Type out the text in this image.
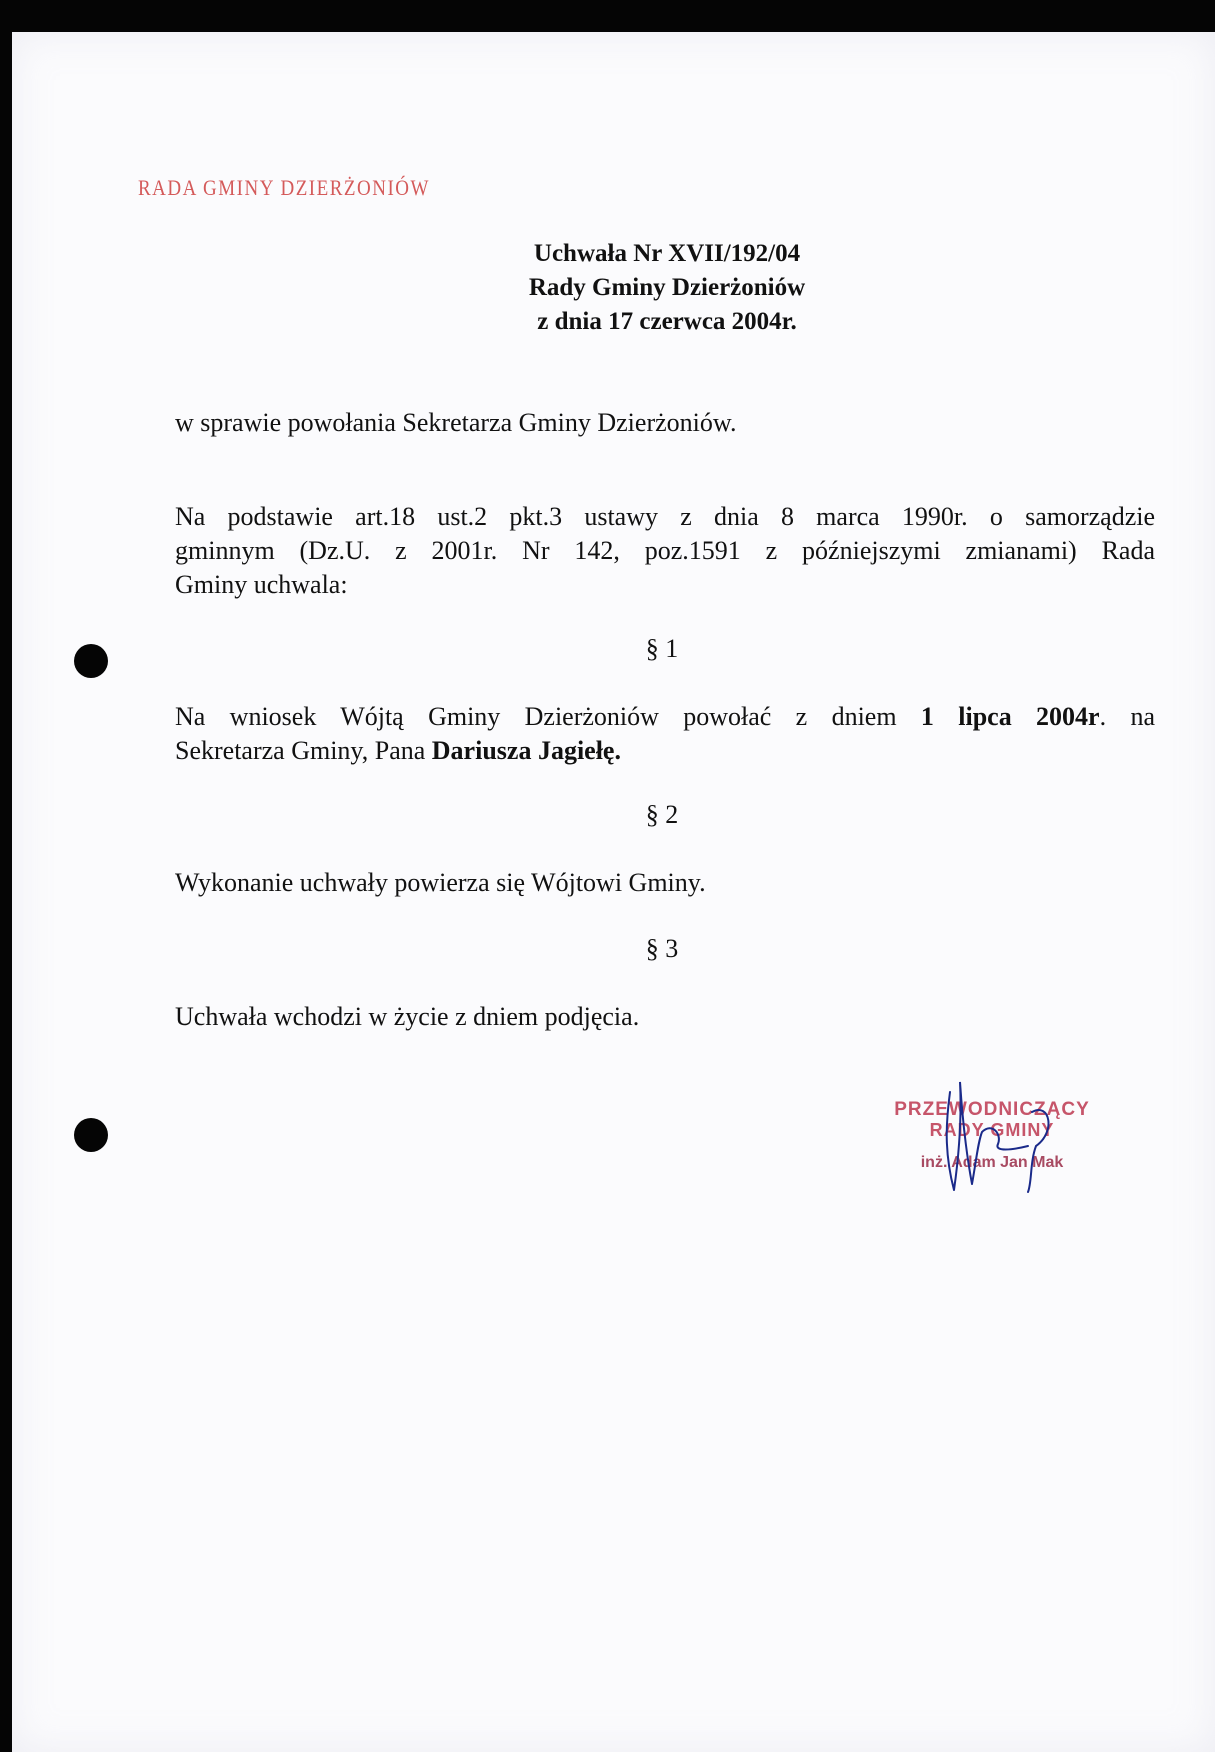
RADA GMINY DZIERŻONIÓW
Uchwała Nr XVII/192/04
Rady Gminy Dzierżoniów
z dnia 17 czerwca 2004r.
w sprawie powołania Sekretarza Gminy Dzierżoniów.
Na podstawie art.18 ust.2 pkt.3 ustawy z dnia 8 marca 1990r. o samorządzie
gminnym (Dz.U. z 2001r. Nr 142, poz.1591 z późniejszymi zmianami) Rada
Gminy uchwala:
§ 1
Na wniosek Wójtą Gminy Dzierżoniów powołać z dniem 1 lipca 2004r. na
Sekretarza Gminy, Pana Dariusza Jagiełę.
§ 2
Wykonanie uchwały powierza się Wójtowi Gminy.
§ 3
Uchwała wchodzi w życie z dniem podjęcia.
PRZEWODNICZĄCY
RADY GMINY
inż. Adam Jan Mak
